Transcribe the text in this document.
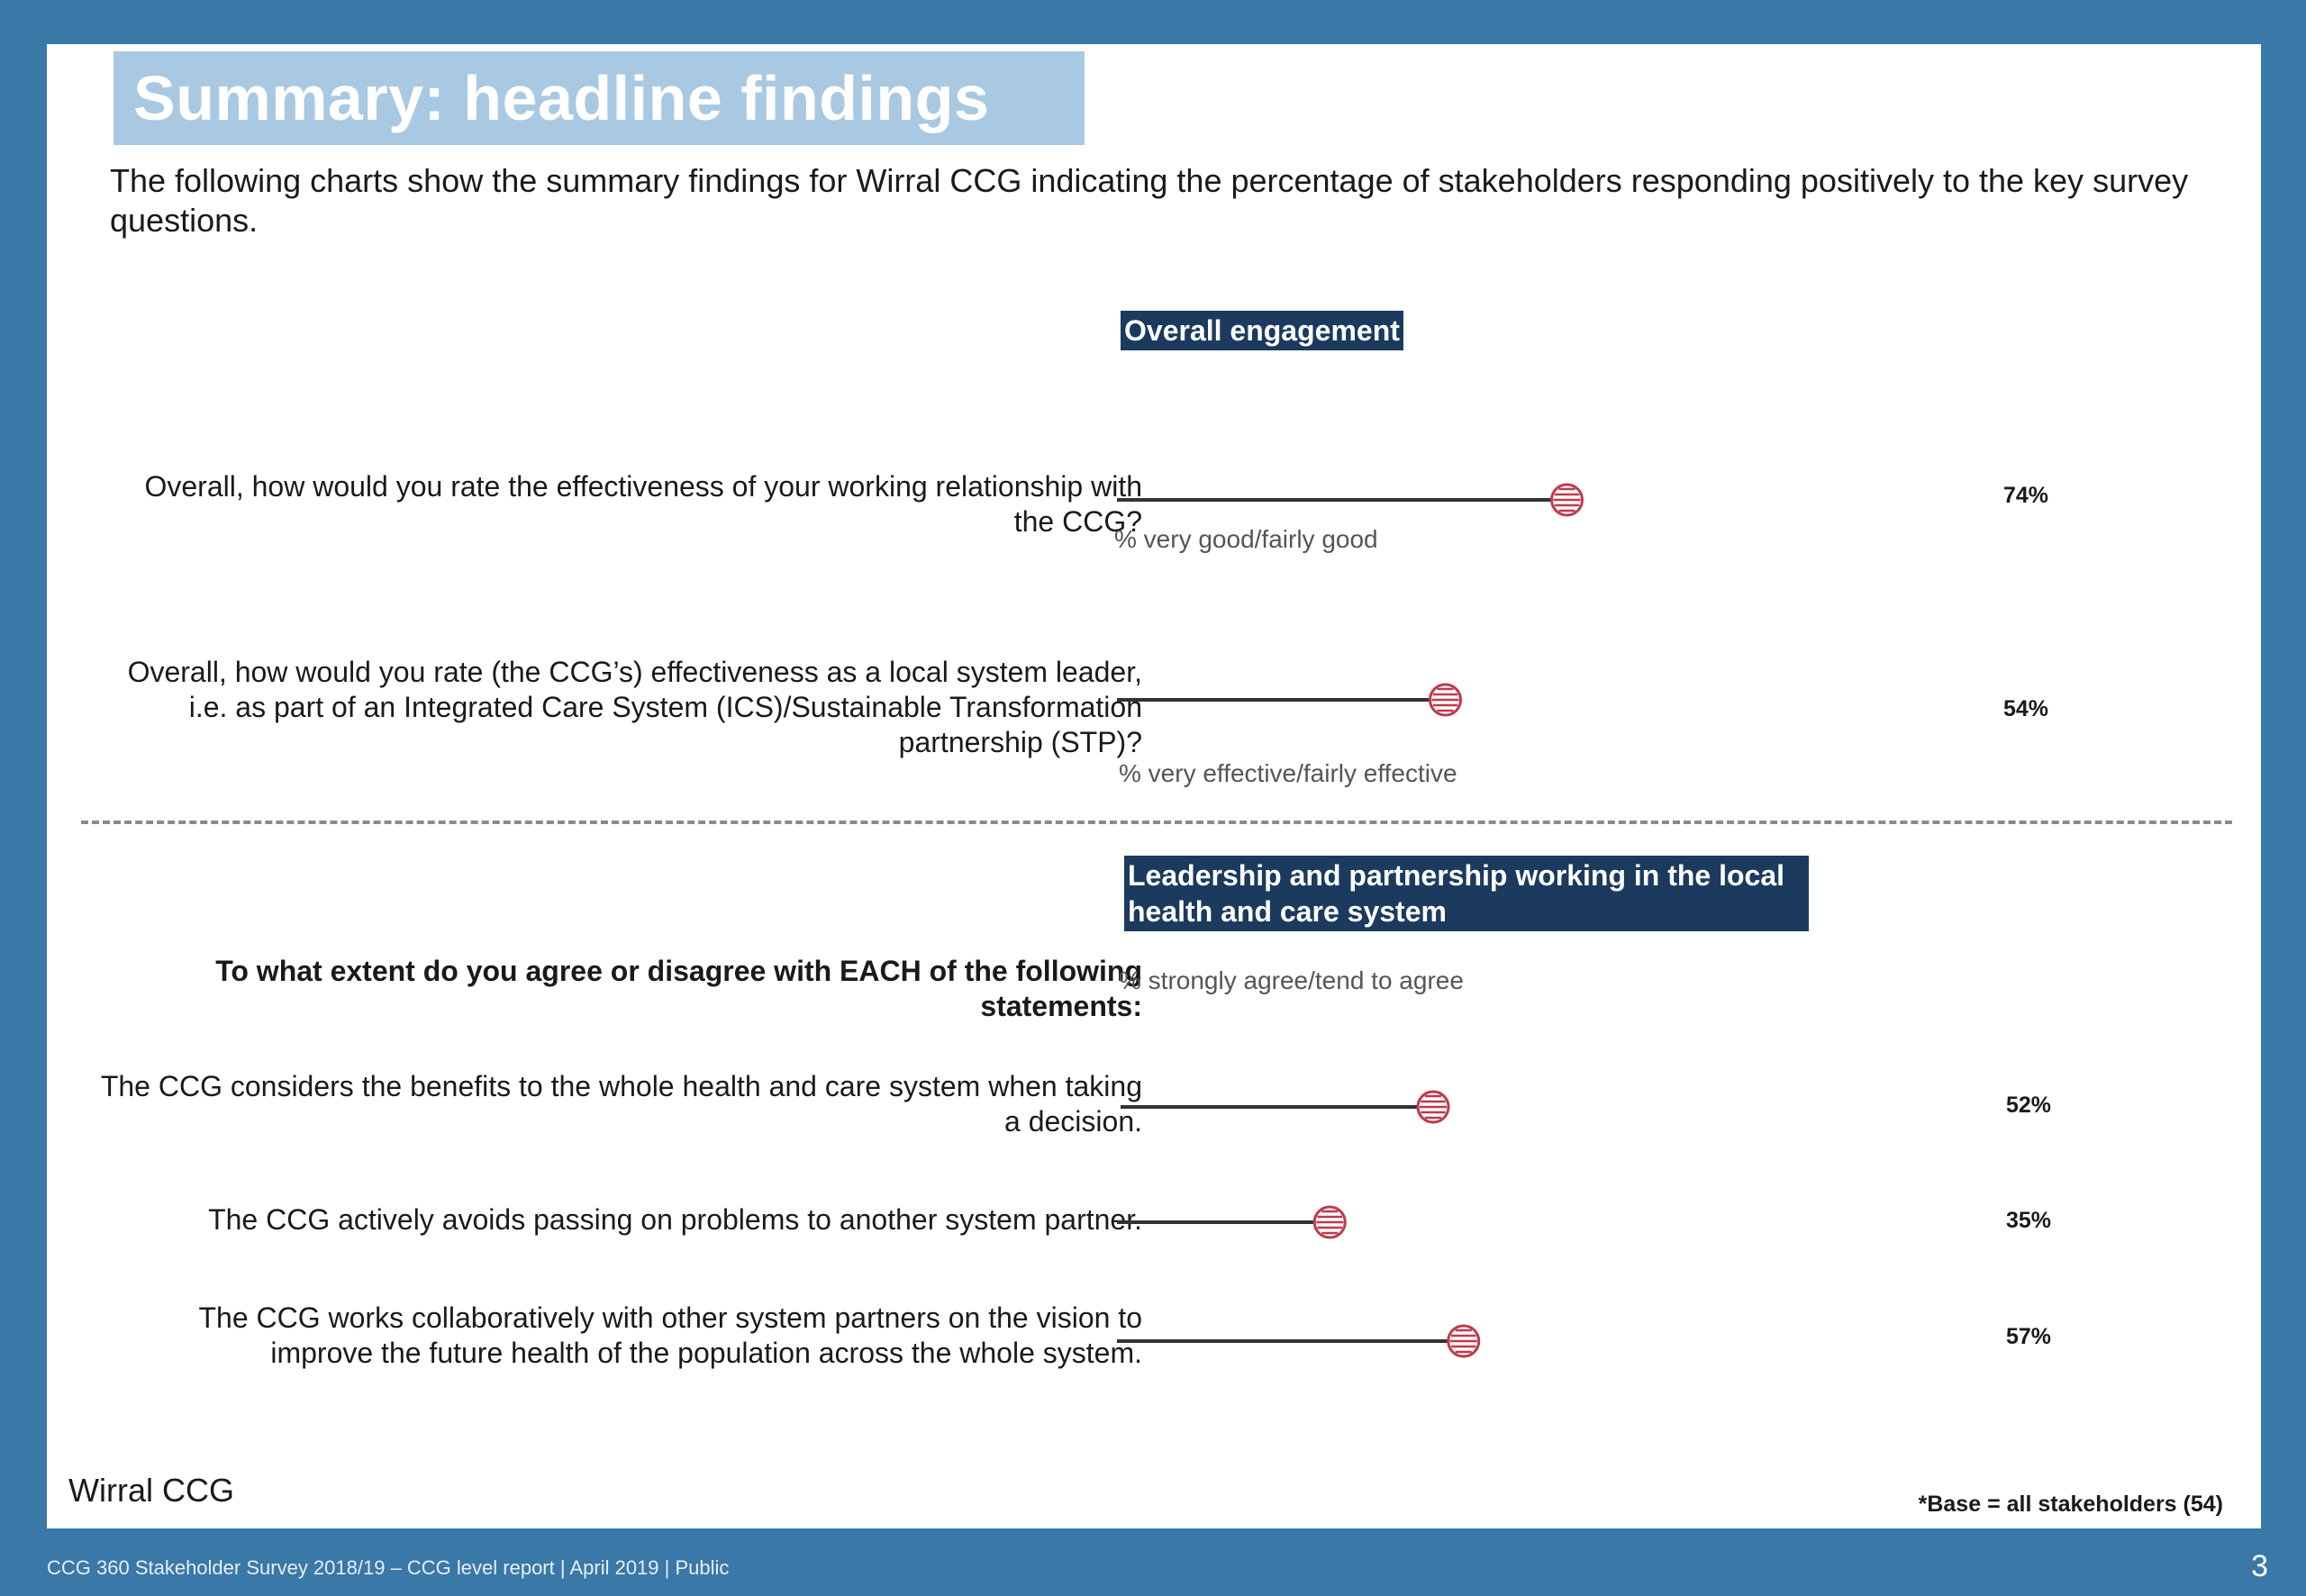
Summary: headline findings
The following charts show the summary findings for Wirral CCG indicating the percentage of stakeholders responding positively to the key survey questions.
Overall engagement
Overall, how would you rate the effectiveness of your working relationship with the CCG?
% very good/fairly good
74%
Overall, how would you rate (the CCG’s) effectiveness as a local system leader, i.e. as part of an Integrated Care System (ICS)/Sustainable Transformation partnership (STP)?
% very effective/fairly effective
54%
Leadership and partnership working in the local health and care system
To what extent do you agree or disagree with EACH of the following statements:
% strongly agree/tend to agree
The CCG considers the benefits to the whole health and care system when taking a decision.	52%
The CCG actively avoids passing on problems to another system partner.	35%
The CCG works collaboratively with other system partners on the vision to improve the future health of the population across the whole system.	57%
Wirral CCG	*Base = all stakeholders (54)
CCG 360 Stakeholder Survey 2018/19 – CCG level report | April 2019 | Public	3
